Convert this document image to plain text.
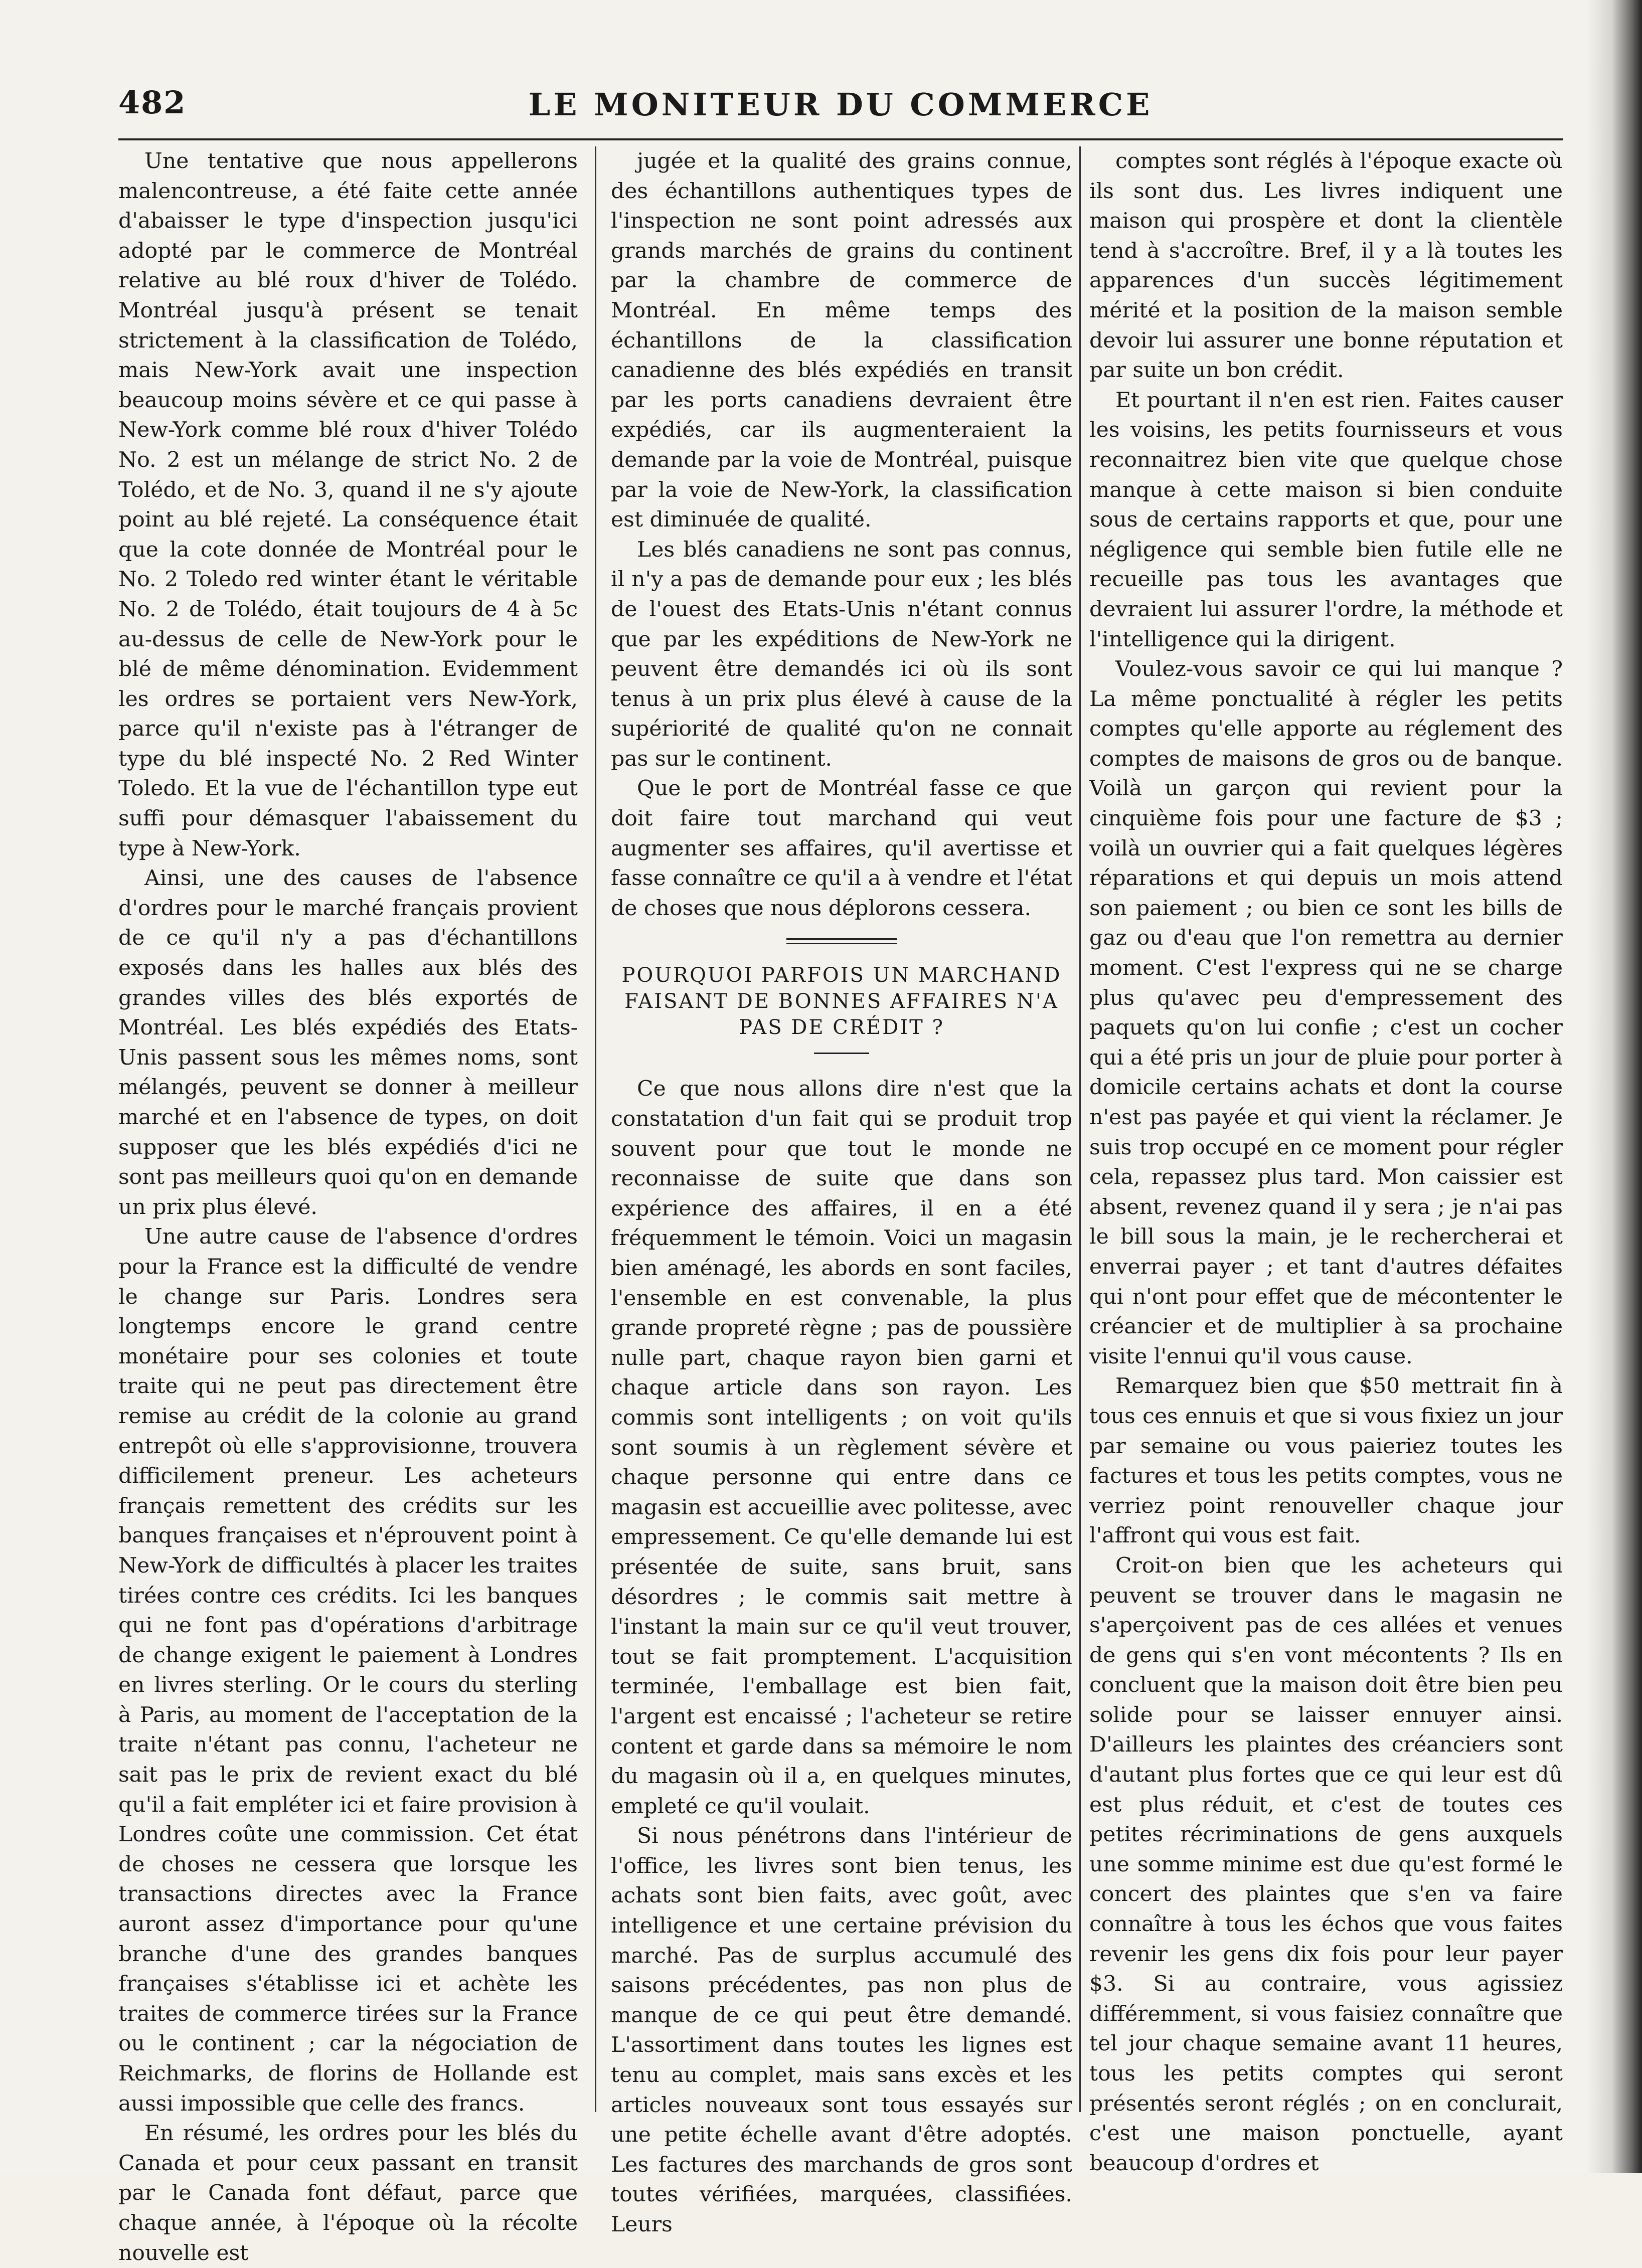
482	LE MONITEUR DU COMMERCE

Une tentative que nous appellerons malencontreuse, a été faite cette année d'abaisser le type d'inspection jusqu'ici adopté par le commerce de Montréal relative au blé roux d'hiver de Tolédo. Montréal jusqu'à présent se tenait strictement à la classification de Tolédo, mais New-York avait une inspection beaucoup moins sévère et ce qui passe à New-York comme blé roux d'hiver Tolédo No. 2 est un mélange de strict No. 2 de Tolédo, et de No. 3, quand il ne s'y ajoute point au blé rejeté. La conséquence était que la cote donnée de Montréal pour le No. 2 Toledo red winter étant le véritable No. 2 de Tolédo, était toujours de 4 à 5c au-dessus de celle de New-York pour le blé de même dénomination. Evidemment les ordres se portaient vers New-York, parce qu'il n'existe pas à l'étranger de type du blé inspecté No. 2 Red Winter Toledo. Et la vue de l'échantillon type eut suffi pour démasquer l'abaissement du type à New-York.

Ainsi, une des causes de l'absence d'ordres pour le marché français provient de ce qu'il n'y a pas d'échantillons exposés dans les halles aux blés des grandes villes des blés exportés de Montréal. Les blés expédiés des Etats-Unis passent sous les mêmes noms, sont mélangés, peuvent se donner à meilleur marché et en l'absence de types, on doit supposer que les blés expédiés d'ici ne sont pas meilleurs quoi qu'on en demande un prix plus élevé.

Une autre cause de l'absence d'ordres pour la France est la difficulté de vendre le change sur Paris. Londres sera longtemps encore le grand centre monétaire pour ses colonies et toute traite qui ne peut pas directement être remise au crédit de la colonie au grand entrepôt où elle s'approvisionne, trouvera difficilement preneur. Les acheteurs français remettent des crédits sur les banques françaises et n'éprouvent point à New-York de difficultés à placer les traites tirées contre ces crédits. Ici les banques qui ne font pas d'opérations d'arbitrage de change exigent le paiement à Londres en livres sterling. Or le cours du sterling à Paris, au moment de l'acceptation de la traite n'étant pas connu, l'acheteur ne sait pas le prix de revient exact du blé qu'il a fait empléter ici et faire provision à Londres coûte une commission. Cet état de choses ne cessera que lorsque les transactions directes avec la France auront assez d'importance pour qu'une branche d'une des grandes banques françaises s'établisse ici et achète les traites de commerce tirées sur la France ou le continent ; car la négociation de Reichmarks, de florins de Hollande est aussi impossible que celle des francs.

En résumé, les ordres pour les blés du Canada et pour ceux passant en transit par le Canada font défaut, parce que chaque année, à l'époque où la récolte nouvelle est

jugée et la qualité des grains connue, des échantillons authentiques types de l'inspection ne sont point adressés aux grands marchés de grains du continent par la chambre de commerce de Montréal. En même temps des échantillons de la classification canadienne des blés expédiés en transit par les ports canadiens devraient être expédiés, car ils augmenteraient la demande par la voie de Montréal, puisque par la voie de New-York, la classification est diminuée de qualité.

Les blés canadiens ne sont pas connus, il n'y a pas de demande pour eux ; les blés de l'ouest des Etats-Unis n'étant connus que par les expéditions de New-York ne peuvent être demandés ici où ils sont tenus à un prix plus élevé à cause de la supériorité de qualité qu'on ne connait pas sur le continent.

Que le port de Montréal fasse ce que doit faire tout marchand qui veut augmenter ses affaires, qu'il avertisse et fasse connaître ce qu'il a à vendre et l'état de choses que nous déplorons cessera.

POURQUOI PARFOIS UN MARCHAND FAISANT DE BONNES AFFAIRES N'A PAS DE CRÉDIT ?

Ce que nous allons dire n'est que la constatation d'un fait qui se produit trop souvent pour que tout le monde ne reconnaisse de suite que dans son expérience des affaires, il en a été fréquemment le témoin. Voici un magasin bien aménagé, les abords en sont faciles, l'ensemble en est convenable, la plus grande propreté règne ; pas de poussière nulle part, chaque rayon bien garni et chaque article dans son rayon. Les commis sont intelligents ; on voit qu'ils sont soumis à un règlement sévère et chaque personne qui entre dans ce magasin est accueillie avec politesse, avec empressement. Ce qu'elle demande lui est présentée de suite, sans bruit, sans désordres ; le commis sait mettre à l'instant la main sur ce qu'il veut trouver, tout se fait promptement. L'acquisition terminée, l'emballage est bien fait, l'argent est encaissé ; l'acheteur se retire content et garde dans sa mémoire le nom du magasin où il a, en quelques minutes, empleté ce qu'il voulait.

Si nous pénétrons dans l'intérieur de l'office, les livres sont bien tenus, les achats sont bien faits, avec goût, avec intelligence et une certaine prévision du marché. Pas de surplus accumulé des saisons précédentes, pas non plus de manque de ce qui peut être demandé. L'assortiment dans toutes les lignes est tenu au complet, mais sans excès et les articles nouveaux sont tous essayés sur une petite échelle avant d'être adoptés. Les factures des marchands de gros sont toutes vérifiées, marquées, classifiées. Leurs

comptes sont réglés à l'époque exacte où ils sont dus. Les livres indiquent une maison qui prospère et dont la clientèle tend à s'accroître. Bref, il y a là toutes les apparences d'un succès légitimement mérité et la position de la maison semble devoir lui assurer une bonne réputation et par suite un bon crédit.

Et pourtant il n'en est rien. Faites causer les voisins, les petits fournisseurs et vous reconnaitrez bien vite que quelque chose manque à cette maison si bien conduite sous de certains rapports et que, pour une négligence qui semble bien futile elle ne recueille pas tous les avantages que devraient lui assurer l'ordre, la méthode et l'intelligence qui la dirigent.

Voulez-vous savoir ce qui lui manque ? La même ponctualité à régler les petits comptes qu'elle apporte au réglement des comptes de maisons de gros ou de banque. Voilà un garçon qui revient pour la cinquième fois pour une facture de $3 ; voilà un ouvrier qui a fait quelques légères réparations et qui depuis un mois attend son paiement ; ou bien ce sont les bills de gaz ou d'eau que l'on remettra au dernier moment. C'est l'express qui ne se charge plus qu'avec peu d'empressement des paquets qu'on lui confie ; c'est un cocher qui a été pris un jour de pluie pour porter à domicile certains achats et dont la course n'est pas payée et qui vient la réclamer. Je suis trop occupé en ce moment pour régler cela, repassez plus tard. Mon caissier est absent, revenez quand il y sera ; je n'ai pas le bill sous la main, je le rechercherai et enverrai payer ; et tant d'autres défaites qui n'ont pour effet que de mécontenter le créancier et de multiplier à sa prochaine visite l'ennui qu'il vous cause.

Remarquez bien que $50 mettrait fin à tous ces ennuis et que si vous fixiez un jour par semaine ou vous paieriez toutes les factures et tous les petits comptes, vous ne verriez point renouveller chaque jour l'affront qui vous est fait.

Croit-on bien que les acheteurs qui peuvent se trouver dans le magasin ne s'aperçoivent pas de ces allées et venues de gens qui s'en vont mécontents ? Ils en concluent que la maison doit être bien peu solide pour se laisser ennuyer ainsi. D'ailleurs les plaintes des créanciers sont d'autant plus fortes que ce qui leur est dû est plus réduit, et c'est de toutes ces petites récriminations de gens auxquels une somme minime est due qu'est formé le concert des plaintes que s'en va faire connaître à tous les échos que vous faites revenir les gens dix fois pour leur payer $3. Si au contraire, vous agissiez différemment, si vous faisiez connaître que tel jour chaque semaine avant 11 heures, tous les petits comptes qui seront présentés seront réglés ; on en conclurait, c'est une maison ponctuelle, ayant beaucoup d'ordres et
